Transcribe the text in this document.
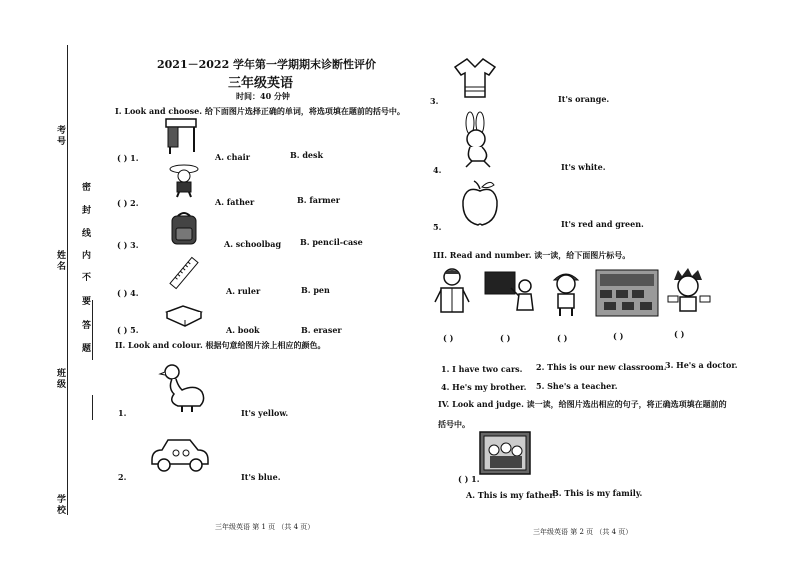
考号
姓名
班级
学校
密
封
线
内
不
要
答
题
2021－2022 学年第一学期期末诊断性评价
三年级英语
时间：40 分钟
I. Look and choose. 给下面图片选择正确的单词，将选项填在题前的括号中。
( ) 1.	A. chair	B. desk
( ) 2.	A. father	B. farmer
( ) 3.	A. schoolbag B. pencil-case
( ) 4.	A. ruler	B. pen
( ) 5.	A. book	B. eraser
II. Look and colour. 根据句意给图片涂上相应的颜色。
1.	It's yellow.
2.	It's blue.
三年级英语 第 1 页 （共 4 页）
三年级英语 第 2 页 （共 4 页）
3.	It's orange.
4.	It's white.
5.	It's red and green.
III. Read and number. 读一读，给下面图片标号。
( )	( )	( )	( )	( )
1. I have two cars. 2. This is our new classroom.
3. He's a doctor.
4. He's my brother. 5. She's a teacher.
IV. Look and judge. 读一读，给图片选出相应的句子，将正确选项填在题前的
括号中。
( ) 1.
A. This is my father.
B. This is my family.
